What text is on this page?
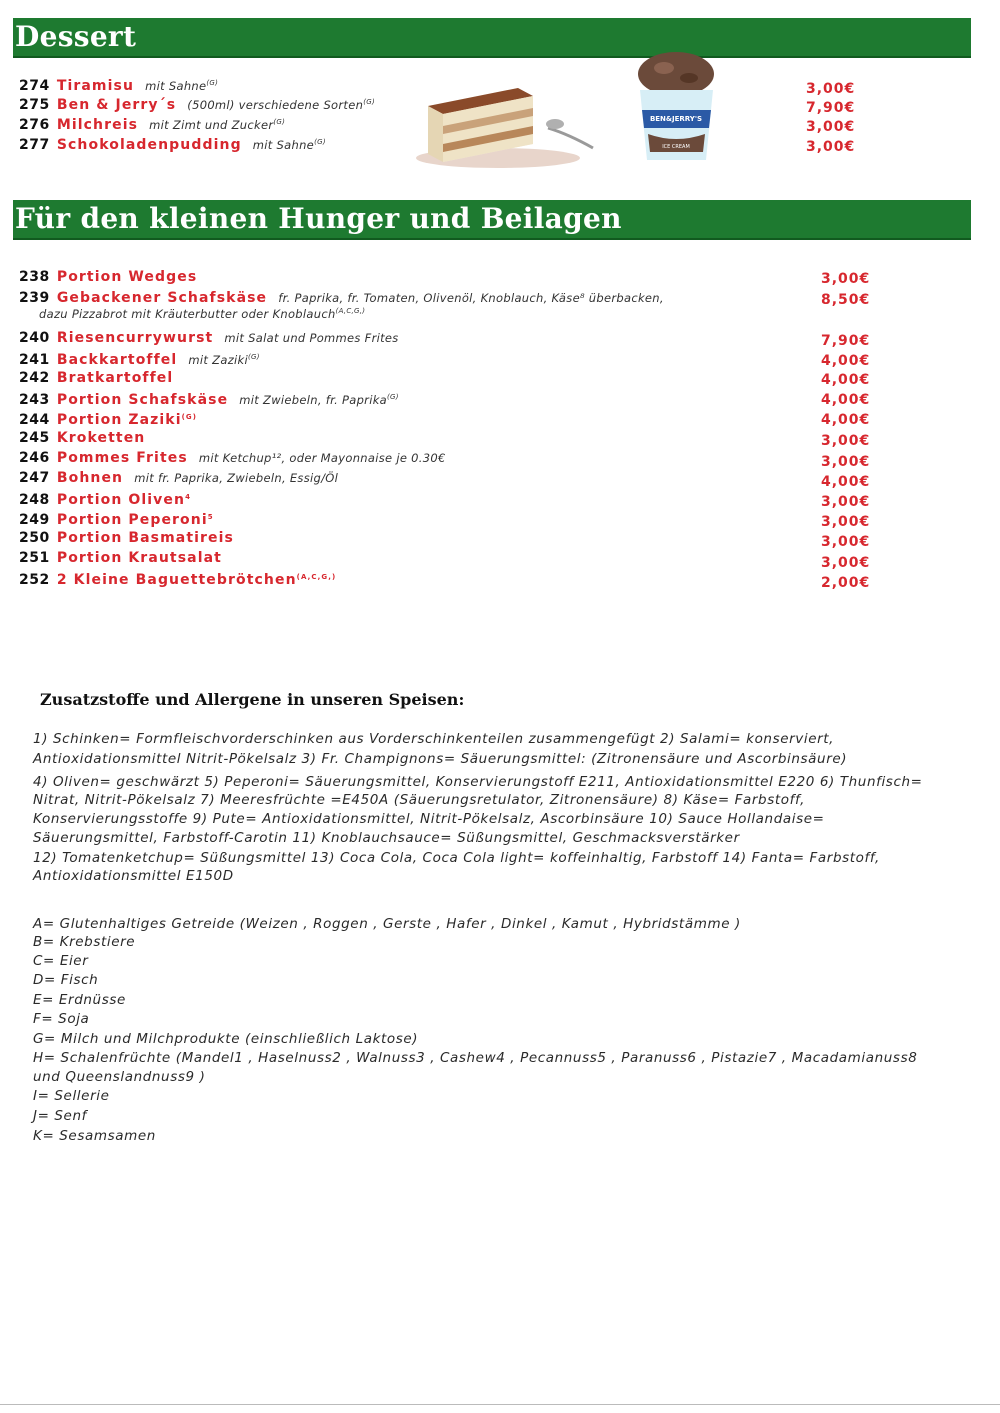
Dessert
274 Tiramisu mit Sahne$^{(G)}$
275 Ben & Jerry´s (500ml) verschiedene Sorten$^{(G)}$
276 Milchreis mit Zimt und Zucker$^{(G)}$
277 Schokoladenpudding mit Sahne$^{(G)}$
3,00€
7,90€
3,00€
3,00€
BEN&JERRY'S
ICE CREAM
Für den kleinen Hunger und Beilagen
238 Portion Wedges
239 Gebackener Schafskäse fr. Paprika, fr. Tomaten, Olivenöl, Knoblauch, Käse⁸ überbacken,
dazu Pizzabrot mit Kräuterbutter oder Knoblauch$^{(A,C,G,)}$
240 Riesencurrywurst mit Salat und Pommes Frites
241 Backkartoffel mit Zaziki$^{(G)}$
242 Bratkartoffel
243 Portion Schafskäse mit Zwiebeln, fr. Paprika$^{(G)}$
244 Portion Zaziki$^{(G)}$
245 Kroketten
246 Pommes Frites mit Ketchup¹², oder Mayonnaise je 0.30€
247 Bohnen mit fr. Paprika, Zwiebeln, Essig/Öl
248 Portion Oliven$^4$
249 Portion Peperoni$^5$
250 Portion Basmatireis
251 Portion Krautsalat
252 2 Kleine Baguettebrötchen$^{(A,C,G,)}$
3,00€
8,50€
7,90€
4,00€
4,00€
4,00€
4,00€
3,00€
3,00€
4,00€
3,00€
3,00€
3,00€
3,00€
2,00€
Zusatzstoffe und Allergene in unseren Speisen:
1) Schinken= Formfleischvorderschinken aus Vorderschinkenteilen zusammengefügt 2) Salami= konserviert,
Antioxidationsmittel Nitrit-Pökelsalz 3) Fr. Champignons= Säuerungsmittel: (Zitronensäure und Ascorbinsäure)
4) Oliven= geschwärzt 5) Peperoni= Säuerungsmittel, Konservierungstoff E211, Antioxidationsmittel E220 6) Thunfisch=
Nitrat, Nitrit-Pökelsalz 7) Meeresfrüchte =E450A (Säuerungsretulator, Zitronensäure) 8) Käse= Farbstoff,
Konservierungsstoffe 9) Pute= Antioxidationsmittel, Nitrit-Pökelsalz, Ascorbinsäure 10) Sauce Hollandaise=
Säuerungsmittel, Farbstoff-Carotin 11) Knoblauchsauce= Süßungsmittel, Geschmacksverstärker
12) Tomatenketchup= Süßungsmittel 13) Coca Cola, Coca Cola light= koffeinhaltig, Farbstoff 14) Fanta= Farbstoff,
Antioxidationsmittel E150D
A= Glutenhaltiges Getreide (Weizen , Roggen , Gerste , Hafer , Dinkel , Kamut , Hybridstämme )
B= Krebstiere
C= Eier
D= Fisch
E= Erdnüsse
F= Soja
G= Milch und Milchprodukte (einschließlich Laktose)
H= Schalenfrüchte (Mandel1 , Haselnuss2 , Walnuss3 , Cashew4 , Pecannuss5 , Paranuss6 , Pistazie7 , Macadamianuss8
und Queenslandnuss9 )
I= Sellerie
J= Senf
K= Sesamsamen
